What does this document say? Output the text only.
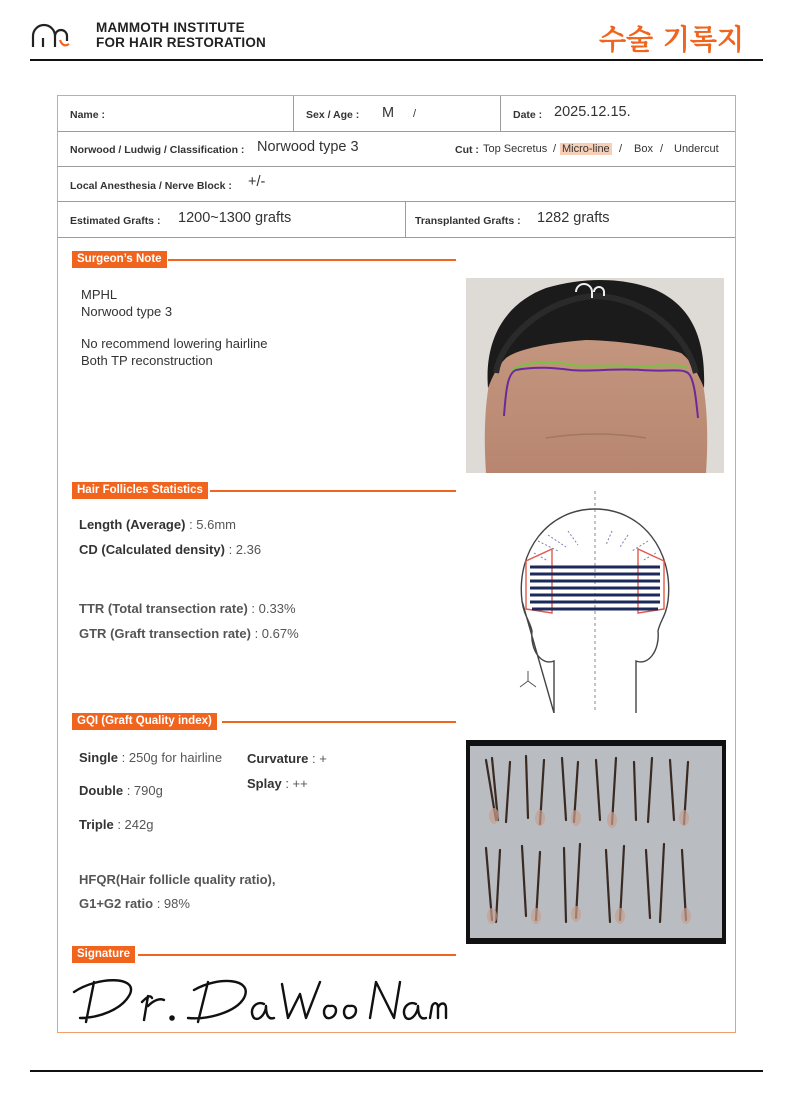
MAMMOTH INSTITUTE
FOR HAIR RESTORATION	수술 기록지
Name :	Sex / Age : M /	Date : 2025.12.15.
Norwood / Ludwig / Classification : Norwood type 3	Cut : Top Secretus / Micro-line / Box / Undercut
Local Anesthesia / Nerve Block : +/-
Estimated Grafts : 1200~1300 grafts	Transplanted Grafts : 1282 grafts
Surgeon’s Note
MPHL
Norwood type 3
No recommend lowering hairline
Both TP reconstruction
Hair Follicles Statistics
Length (Average) : 5.6mm
CD (Calculated density) : 2.36
TTR (Total transection rate) : 0.33%
GTR (Graft transection rate) : 0.67%
GQI (Graft Quality index)
Single : 250g for hairline Curvature : +
Double : 790g	Splay : ++
Triple : 242g
HFQR(Hair follicle quality ratio),
G1+G2 ratio : 98%
Signature
